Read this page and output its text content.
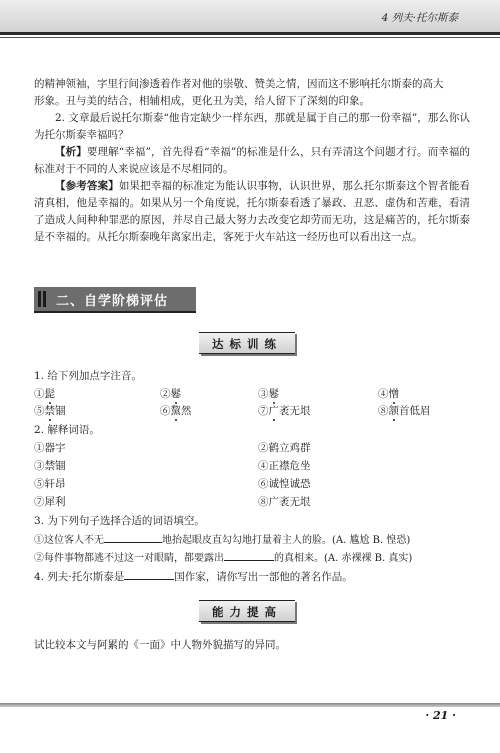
4 列夫·托尔斯泰

的精神领袖，字里行间渗透着作者对他的崇敬、赞美之情，因而这不影响托尔斯泰的高大

形象。丑与美的结合，相辅相成，更化丑为美，给人留下了深刻的印象。

2. 文章最后说托尔斯泰“他肯定缺少一样东西，那就是属于自己的那一份幸福”，那么你认为托尔斯泰幸福吗？

【析】要理解“幸福”，首先得看“幸福”的标准是什么，只有弄清这个问题才行。而幸福的标准对于不同的人来说应该是不尽相同的。

【参考答案】如果把幸福的标准定为能认识事物，认识世界，那么托尔斯泰这个智者能看清真相，他是幸福的。如果从另一个角度说，托尔斯泰看透了暴政、丑恶、虚伪和苦难，看清了造成人间种种罪恶的原因，并尽自己最大努力去改变它却劳而无功，这是痛苦的，托尔斯泰是不幸福的。从托尔斯泰晚年离家出走，客死于火车站这一经历也可以看出这一点。

二、自学阶梯评估
达标训练
1. 给下列加点字注音。
①髭	②鬈	③鬈	④憎
⑤禁锢	⑥黧然	⑦广袤无垠	⑧颔首低眉
2. 解释词语。
①器宇	②鹤立鸡群
③禁锢	④正襟危坐
⑤轩昂	⑥诚惶诚恐
⑦犀利	⑧广袤无垠
3. 为下列句子选择合适的词语填空。
①这位客人不无	地抬起眼皮直勾勾地打量着主人的脸。(A. 尴尬 B. 惶恐)
②每件事物都逃不过这一对眼睛，都要露出	的真相来。(A. 赤裸裸 B. 真实)
4. 列夫·托尔斯泰是	国作家，请你写出一部他的著名作品。
能力提高
试比较本文与阿累的《一面》中人物外貌描写的异同。
· 21 ·
